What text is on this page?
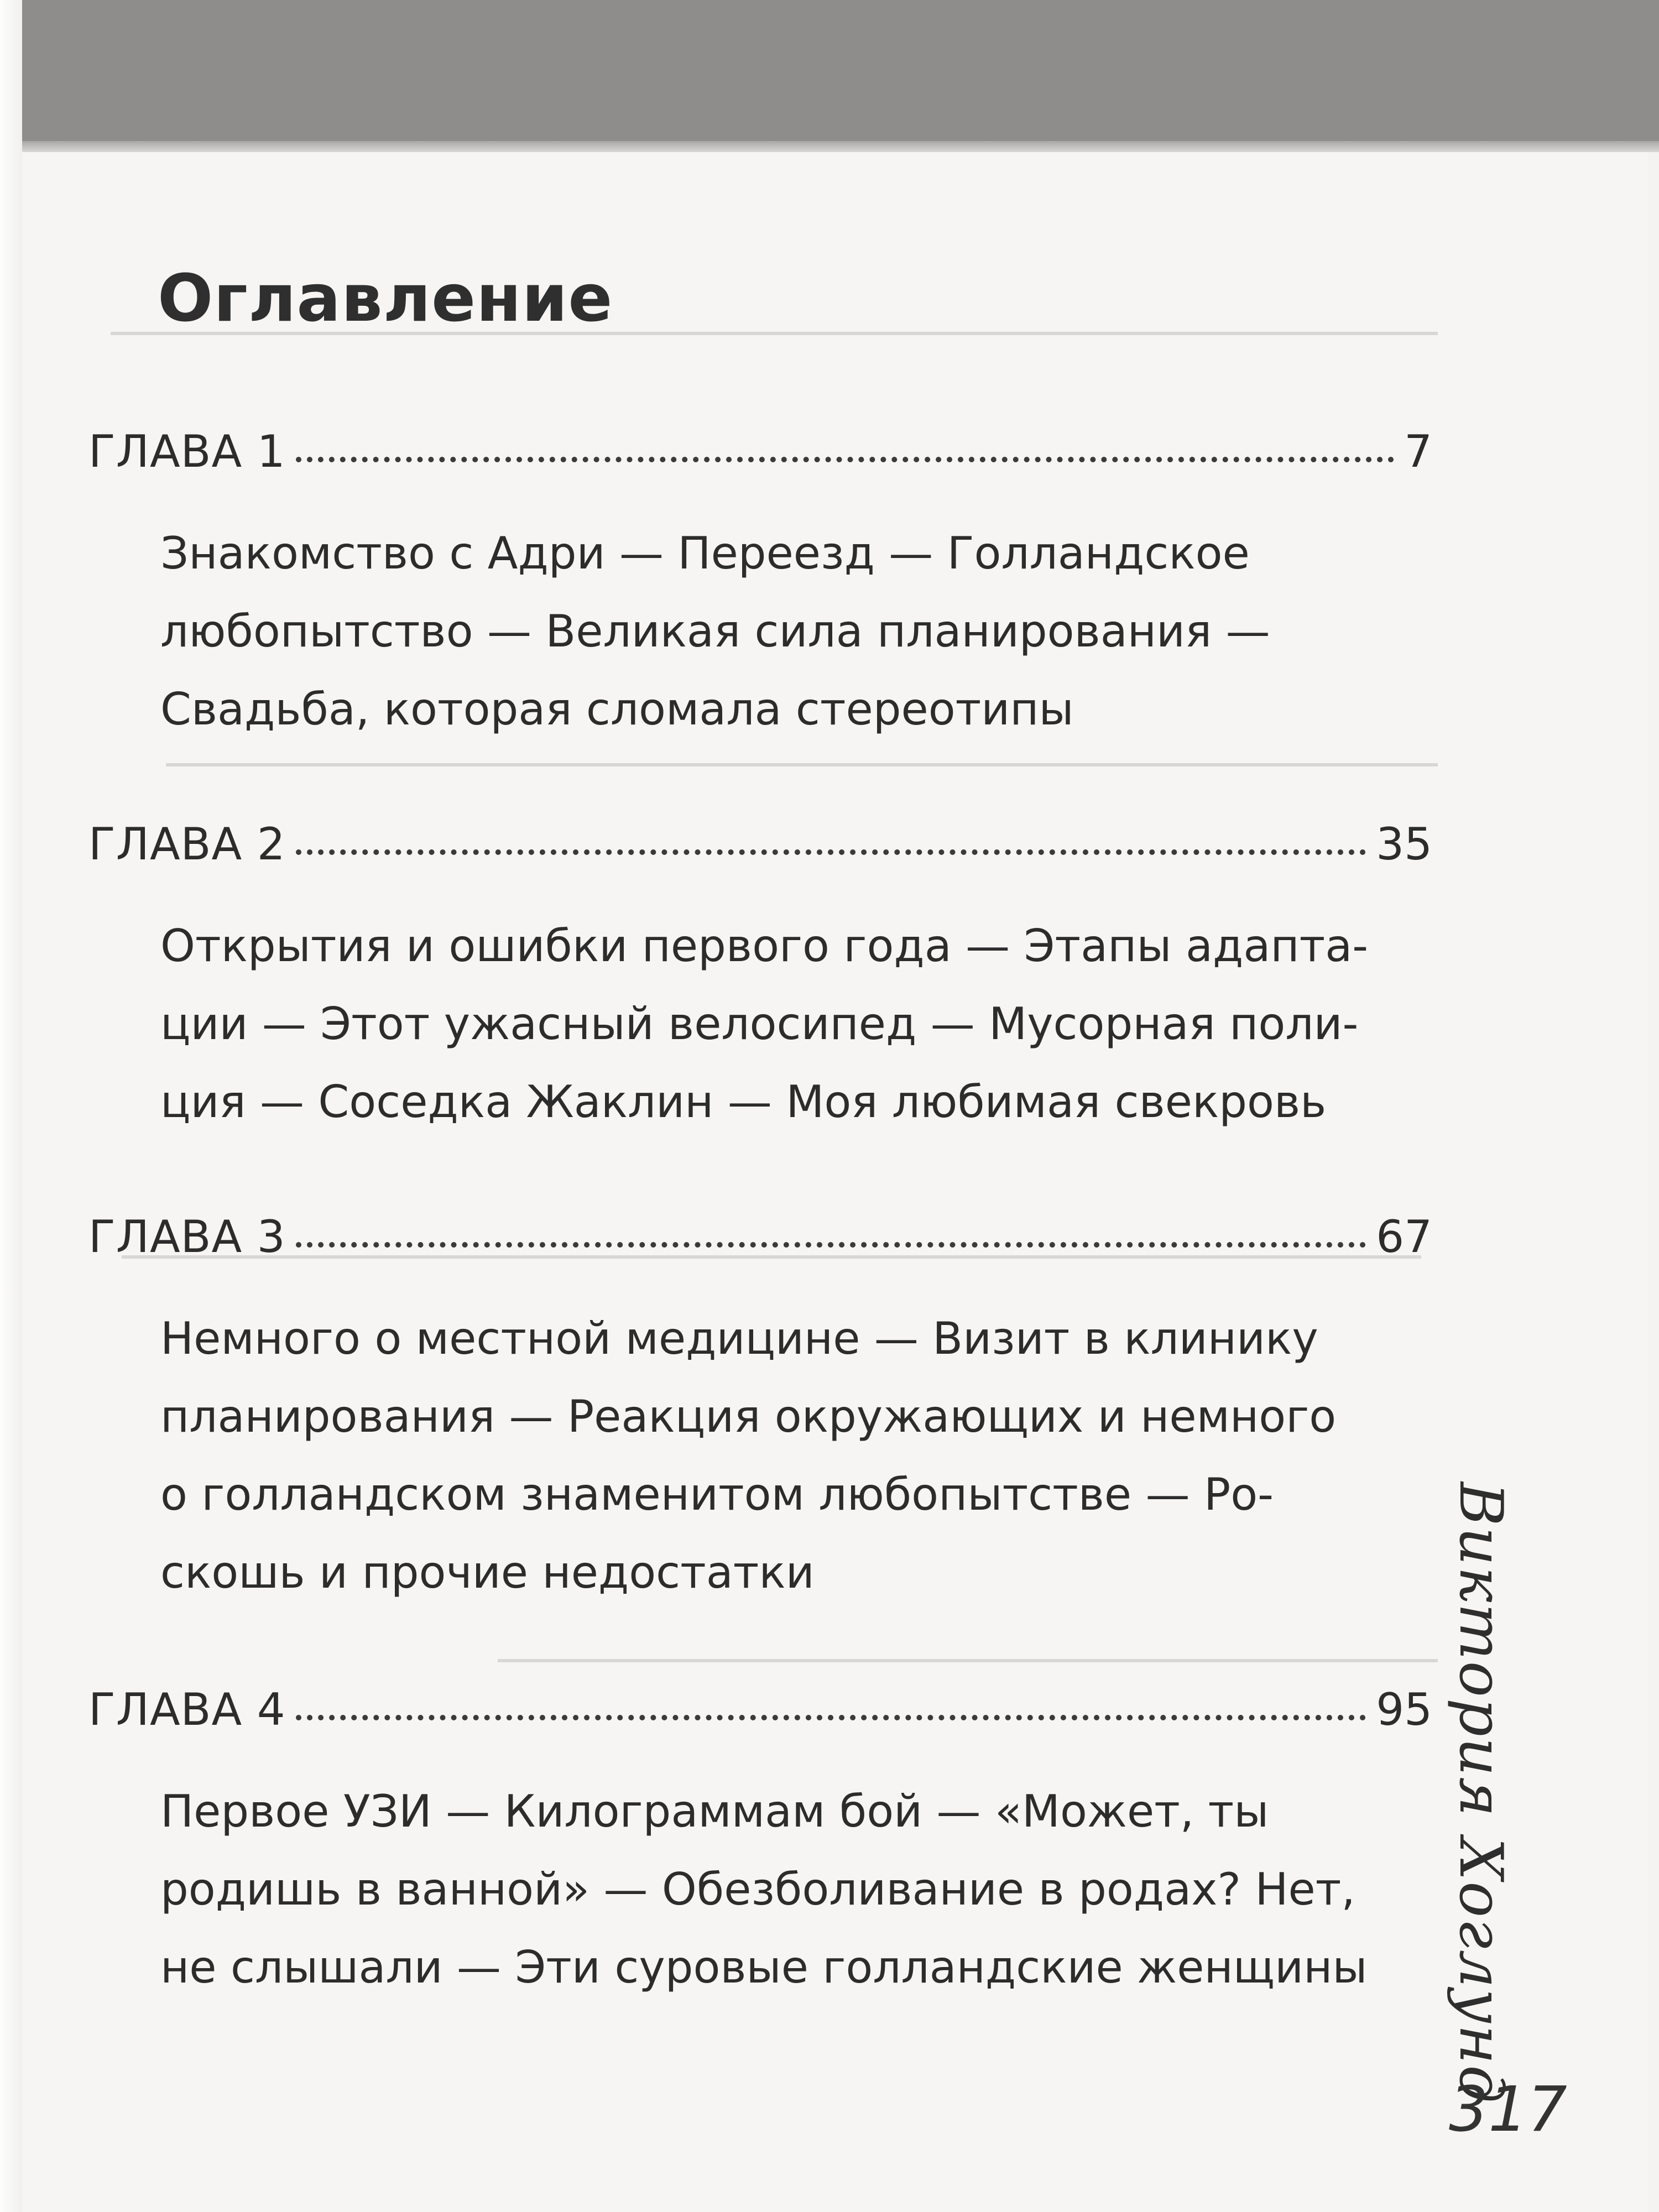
Оглавление
ГЛАВА 1	7

Знакомство с Адри — Переезд — Голландское
любопытство — Великая сила планирования —
Свадьба, которая сломала стереотипы

ГЛАВА 2	35

Открытия и ошибки первого года — Этапы адапта-
ции — Этот ужасный велосипед — Мусорная поли-
ция — Соседка Жаклин — Моя любимая свекровь

ГЛАВА 3	67

Немного о местной медицине — Визит в клинику
планирования — Реакция окружающих и немного
о голландском знаменитом любопытстве — Ро-
скошь и прочие недостатки

ГЛАВА 4	95

Первое УЗИ — Килограммам бой — «Может, ты
родишь в ванной» — Обезболивание в родах? Нет,
не слышали — Эти суровые голландские женщины	Виктория Хоглунд
317
